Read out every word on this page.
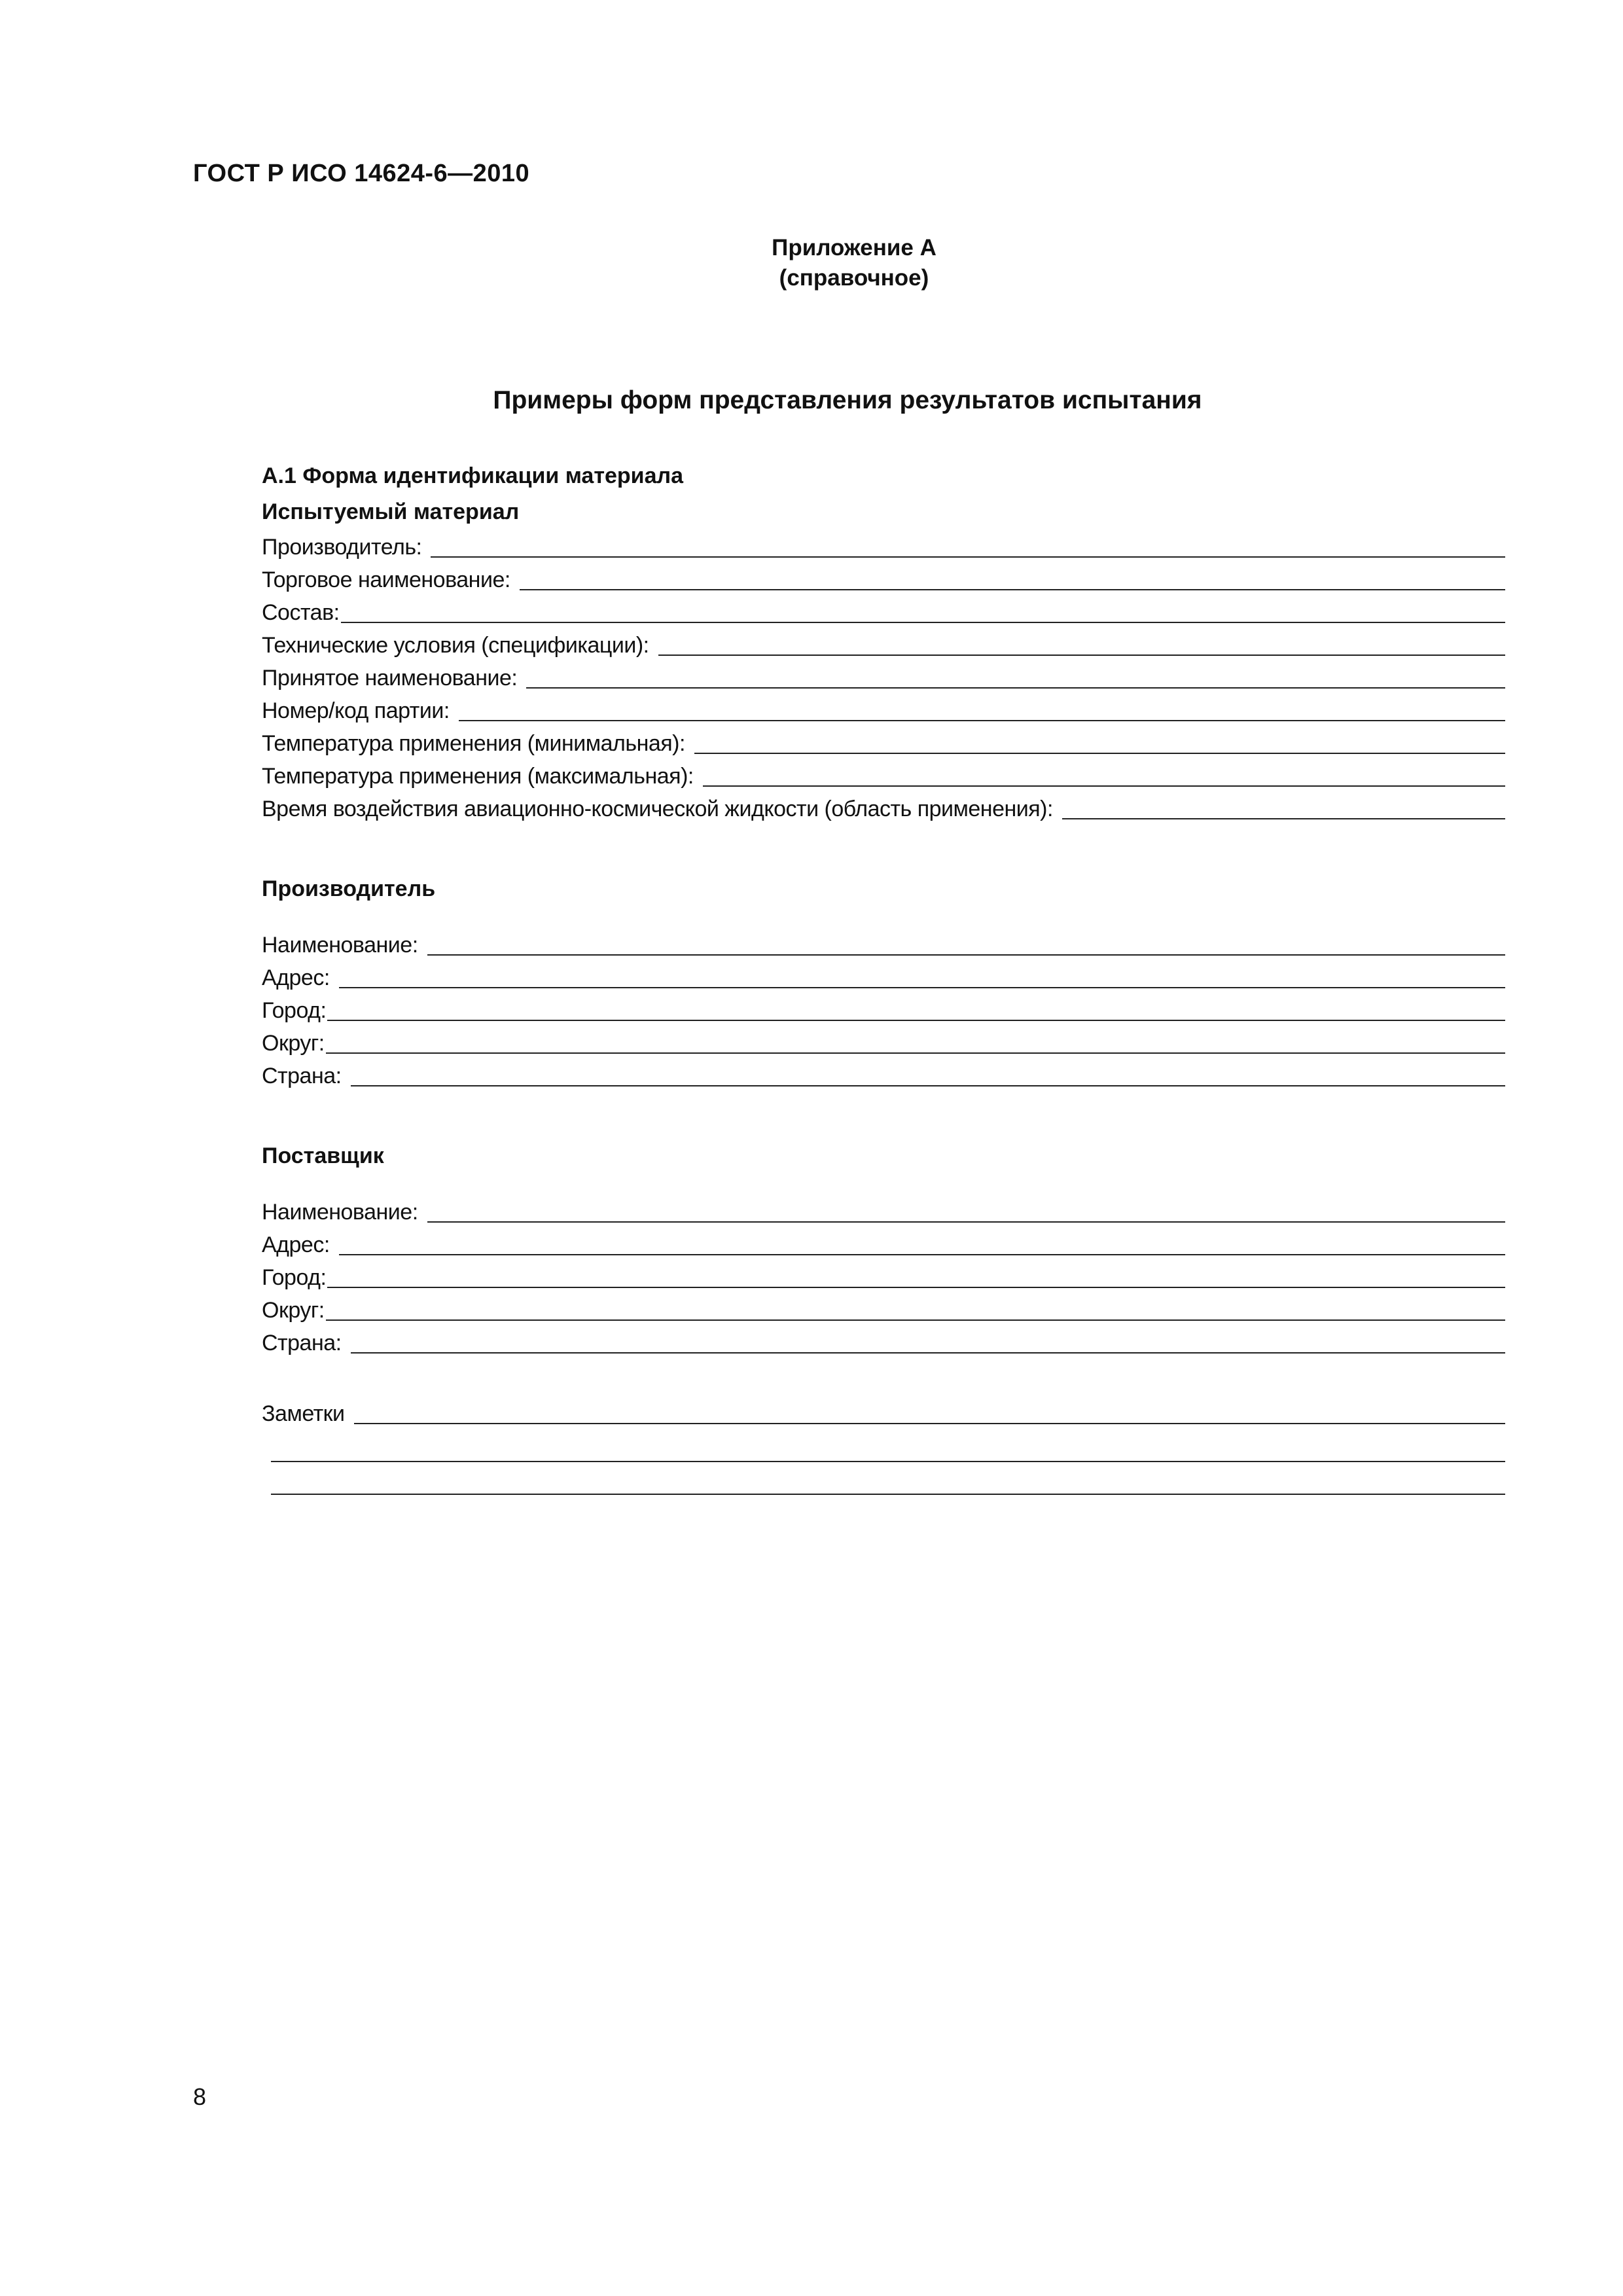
ГОСТ Р ИСО 14624-6—2010
Приложение А
(справочное)
Примеры форм представления результатов испытания
А.1 Форма идентификации материала
Испытуемый материал
Производитель:
Торговое наименование:
Состав:
Технические условия (спецификации):
Принятое наименование:
Номер/код партии:
Температура применения (минимальная):
Температура применения (максимальная):
Время воздействия авиационно-космической жидкости (область применения):
Производитель
Наименование:
Адрес:
Город:
Округ:
Страна:
Поставщик
Наименование:
Адрес:
Город:
Округ:
Страна:
Заметки
8
